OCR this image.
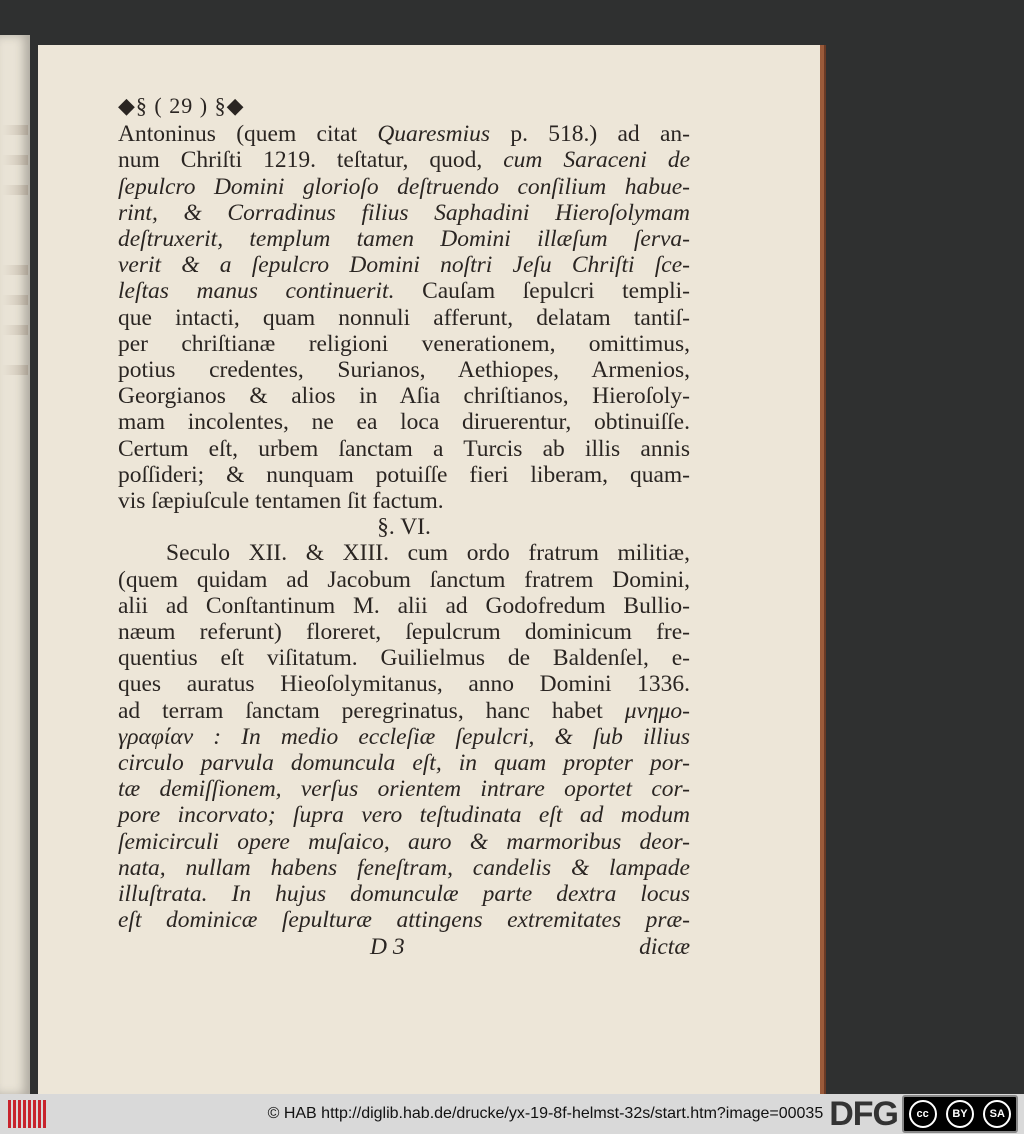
◆§ ( 29 ) §◆
Antoninus (quem citat Quaresmius p. 518.) ad an-
num Chriſti 1219. teſtatur, quod, cum Saraceni de
ſepulcro Domini glorioſo deſtruendo conſilium habue-
rint, & Corradinus filius Saphadini Hieroſolymam
deſtruxerit, templum tamen Domini illæſum ſerva-
verit & a ſepulcro Domini noſtri Jeſu Chriſti ſce-
leſtas manus continuerit. Cauſam ſepulcri templi-
que intacti, quam nonnuli afferunt, delatam tantiſ-
per chriſtianæ religioni venerationem, omittimus,
potius credentes, Surianos, Aethiopes, Armenios,
Georgianos & alios in Aſia chriſtianos, Hieroſoly-
mam incolentes, ne ea loca diruerentur, obtinuiſſe.
Certum eſt, urbem ſanctam a Turcis ab illis annis
poſſideri; & nunquam potuiſſe fieri liberam, quam-
vis ſæpiuſcule tentamen ſit factum.
§. VI.
Seculo XII. & XIII. cum ordo fratrum militiæ,
(quem quidam ad Jacobum ſanctum fratrem Domini,
alii ad Conſtantinum M. alii ad Godofredum Bullio-
næum referunt) floreret, ſepulcrum dominicum fre-
quentius eſt viſitatum. Guilielmus de Baldenſel, e-
ques auratus Hieoſolymitanus, anno Domini 1336.
ad terram ſanctam peregrinatus, hanc habet μνημο-
γραφίαν : In medio eccleſiæ ſepulcri, & ſub illius
circulo parvula domuncula eſt, in quam propter por-
tæ demiſſionem, verſus orientem intrare oportet cor-
pore incorvato; ſupra vero teſtudinata eſt ad modum
ſemicirculi opere muſaico, auro & marmoribus deor-
nata, nullam habens feneſtram, candelis & lampade
illuſtrata. In hujus domunculæ parte dextra locus
eſt dominicæ ſepulturæ attingens extremitates præ-
D 3	dictæ
© HAB http://diglib.hab.de/drucke/yx-19-8f-helmst-32s/start.htm?image=00035 DFG	cc	BY	SA
